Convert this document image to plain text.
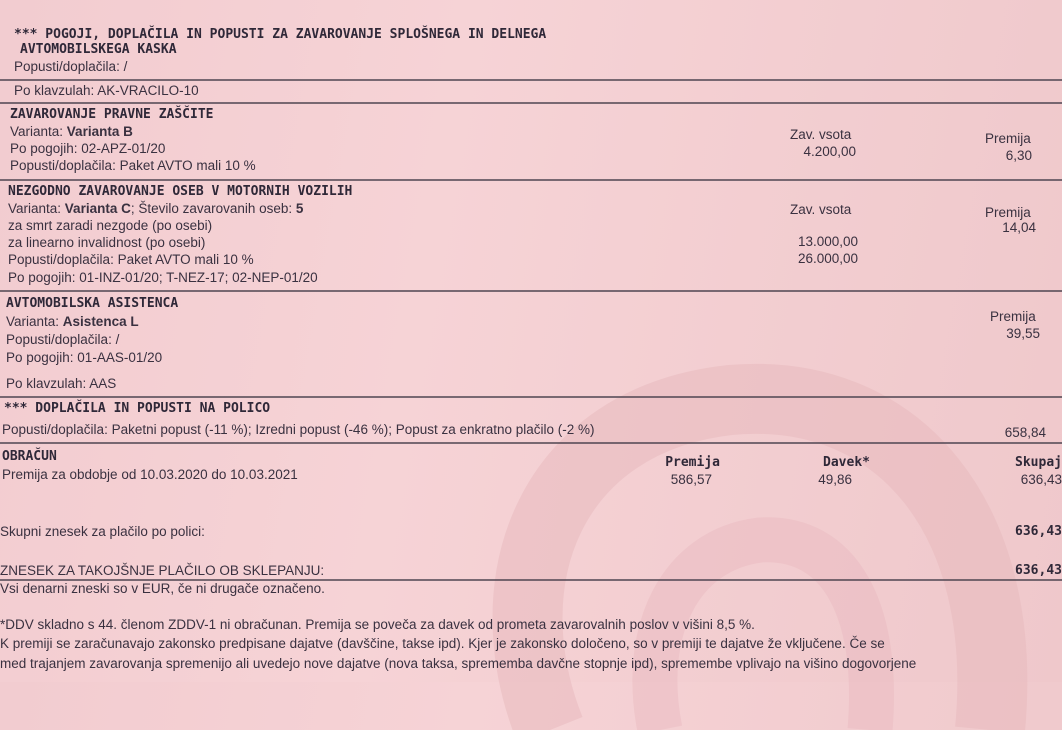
*** POGOJI, DOPLAČILA IN POPUSTI ZA ZAVAROVANJE SPLOŠNEGA IN DELNEGA
AVTOMOBILSKEGA KASKA
Popusti/doplačila: /
Po klavzulah: AK-VRACILO-10
ZAVAROVANJE PRAVNE ZAŠČITE
Varianta: Varianta B
Po pogojih: 02-APZ-01/20
Popusti/doplačila: Paket AVTO mali 10 %
Zav. vsota
4.200,00
Premija
6,30
NEZGODNO ZAVAROVANJE OSEB V MOTORNIH VOZILIH
Varianta: Varianta C; Število zavarovanih oseb: 5
za smrt zaradi nezgode (po osebi)
za linearno invalidnost (po osebi)
Popusti/doplačila: Paket AVTO mali 10 %
Po pogojih: 01-INZ-01/20; T-NEZ-17; 02-NEP-01/20
Zav. vsota
13.000,00
26.000,00
Premija
14,04
AVTOMOBILSKA ASISTENCA
Varianta: Asistenca L
Popusti/doplačila: /
Po pogojih: 01-AAS-01/20
Po klavzulah: AAS
Premija
39,55
*** DOPLAČILA IN POPUSTI NA POLICO
Popusti/doplačila: Paketni popust (-11 %); Izredni popust (-46 %); Popust za enkratno plačilo (-2 %)	658,84
OBRAČUN
Premija za obdobje od 10.03.2020 do 10.03.2021
Premija
586,57
Davek*
49,86
Skupaj
636,43
Skupni znesek za plačilo po polici:	636,43
ZNESEK ZA TAKOJŠNJE PLAČILO OB SKLEPANJU:	636,43
Vsi denarni zneski so v EUR, če ni drugače označeno.
*DDV skladno s 44. členom ZDDV-1 ni obračunan. Premija se poveča za davek od prometa zavarovalnih poslov v višini 8,5 %.
K premiji se zaračunavajo zakonsko predpisane dajatve (davščine, takse ipd). Kjer je zakonsko določeno, so v premiji te dajatve že vključene. Če se
med trajanjem zavarovanja spremenijo ali uvedejo nove dajatve (nova taksa, sprememba davčne stopnje ipd), spremembe vplivajo na višino dogovorjene
